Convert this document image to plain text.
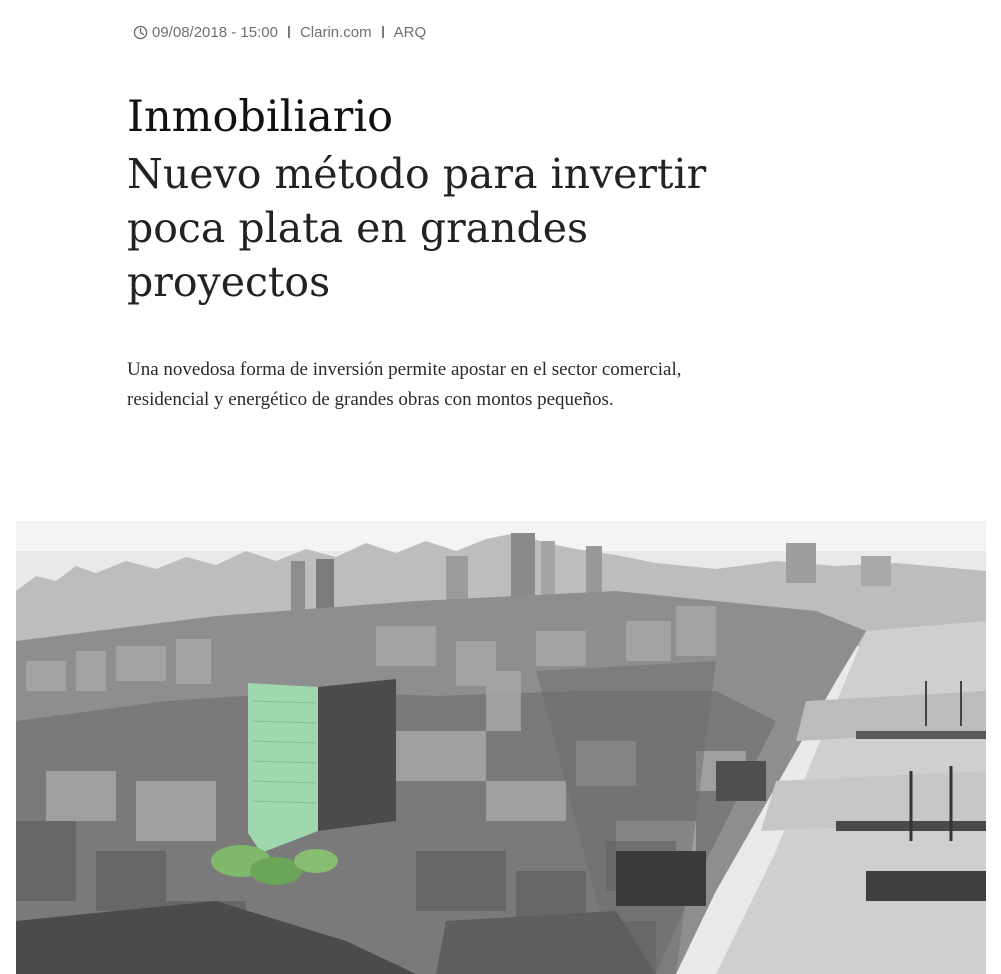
09/08/2018 - 15:00 Clarin.com ARQ
Inmobiliario
Nuevo método para invertir poca plata en grandes proyectos

Una novedosa forma de inversión permite apostar en el sector comercial, residencial y energético de grandes obras con montos pequeños.
